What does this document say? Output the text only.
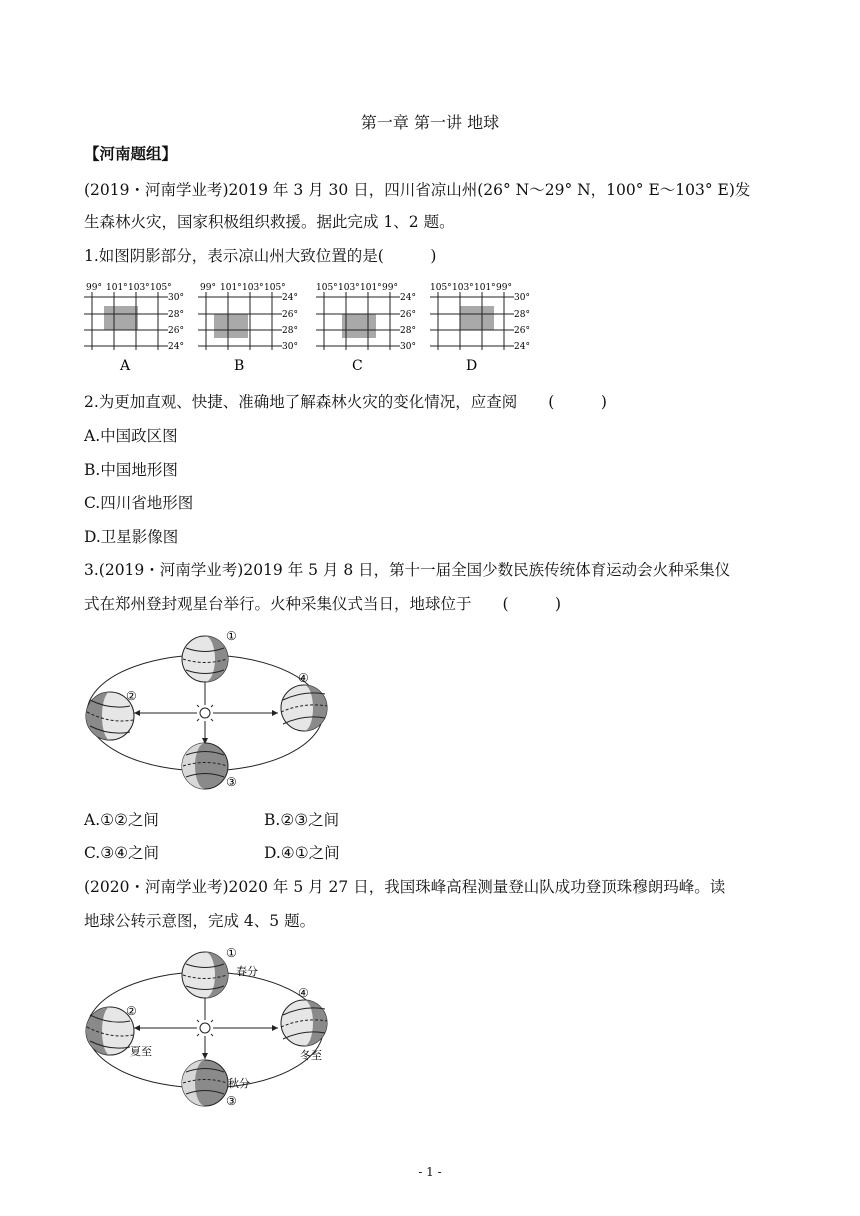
第一章 第一讲 地球
【河南题组】
(2019・河南学业考)2019 年 3 月 30 日，四川省凉山州(26° N～29° N，100° E～103° E)发
生森林火灾，国家积极组织救援。据此完成 1、2 题。
1.如图阴影部分，表示凉山州大致位置的是(　　　)
99° 101° 103° 105°
30°
28°
26°
24°
A
99° 101° 103° 105°
24°
26°
28°
30°
B
105° 103° 101° 99°
24°
26°
28°
30°
C
105° 103° 101° 99°
30°
28°
26°
24°
D
2.为更加直观、快捷、准确地了解森林火灾的变化情况，应查阅　　(　　　)
A.中国政区图
B.中国地形图
C.四川省地形图
D.卫星影像图
3.(2019・河南学业考)2019 年 5 月 8 日，第十一届全国少数民族传统体育运动会火种采集仪
式在郑州登封观星台举行。火种采集仪式当日，地球位于　　(　　　)
①
②
③
④
A.①②之间	B.②③之间
C.③④之间	D.④①之间
(2020・河南学业考)2020 年 5 月 27 日，我国珠峰高程测量登山队成功登顶珠穆朗玛峰。读
地球公转示意图，完成 4、5 题。
①
春分
②
夏至
④
冬至
秋分
③
- 1 -
